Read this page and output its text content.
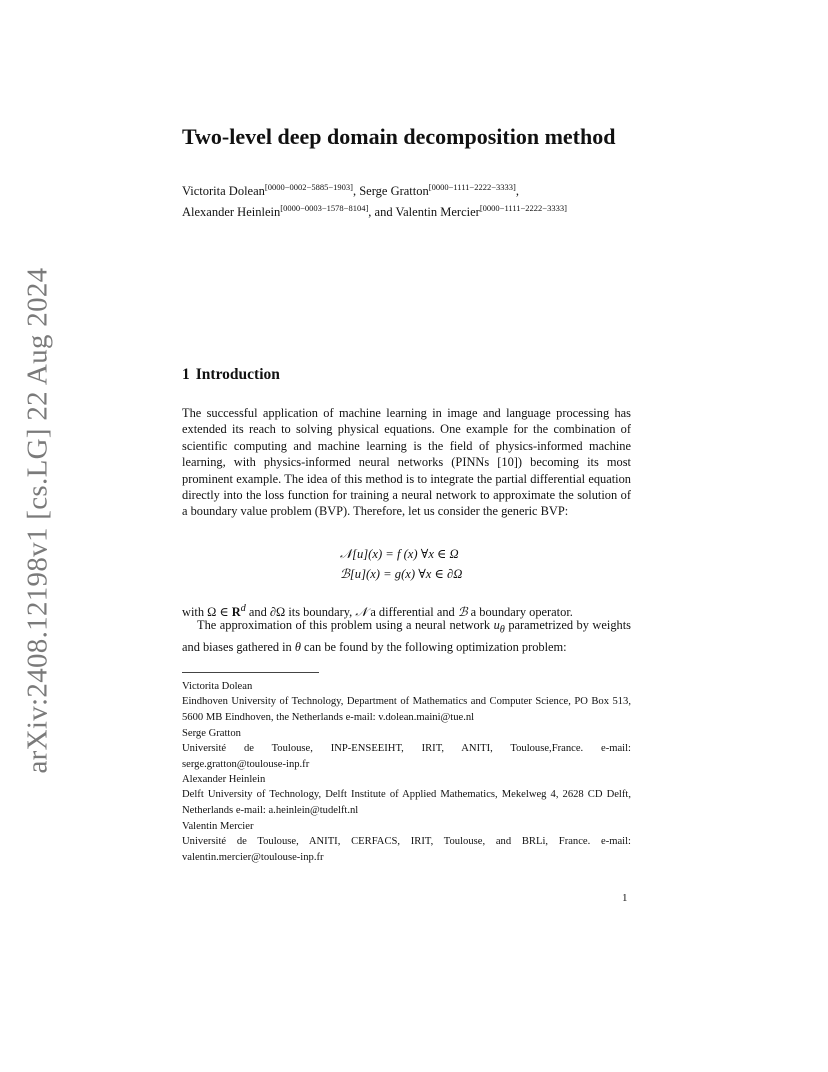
arXiv:2408.12198v1 [cs.LG] 22 Aug 2024
Two-level deep domain decomposition method
Victorita Dolean[0000−0002−5885−1903], Serge Gratton[0000−1111−2222−3333],
Alexander Heinlein[0000−0003−1578−8104], and Valentin Mercier[0000−1111−2222−3333]
1 Introduction

The successful application of machine learning in image and language processing has extended its reach to solving physical equations. One example for the combination of scientific computing and machine learning is the field of physics-informed machine learning, with physics-informed neural networks (PINNs [10]) becoming its most prominent example. The idea of this method is to integrate the partial differential equation directly into the loss function for training a neural network to approximate the solution of a boundary value problem (BVP). Therefore, let us consider the generic BVP:

𝒩[u](x) = f (x) ∀x ∈ Ω
ℬ[u](x) = g(x) ∀x ∈ ∂Ω

with Ω ∈ $R^d$ and ∂Ω its boundary, 𝒩 a differential and ℬ a boundary operator.

The approximation of this problem using a neural network $u_\theta$ parametrized by weights and biases gathered in θ can be found by the following optimization problem:

Victorita Dolean
Eindhoven University of Technology, Department of Mathematics and Computer Science, PO Box 513, 5600 MB Eindhoven, the Netherlands e-mail: v.dolean.maini@tue.nl
Serge Gratton
Université de Toulouse, INP-ENSEEIHT, IRIT, ANITI, Toulouse,France. e-mail: serge.gratton@toulouse-inp.fr
Alexander Heinlein
Delft University of Technology, Delft Institute of Applied Mathematics, Mekelweg 4, 2628 CD Delft, Netherlands e-mail: a.heinlein@tudelft.nl
Valentin Mercier
Université de Toulouse, ANITI, CERFACS, IRIT, Toulouse, and BRLi, France. e-mail: valentin.mercier@toulouse-inp.fr
1
